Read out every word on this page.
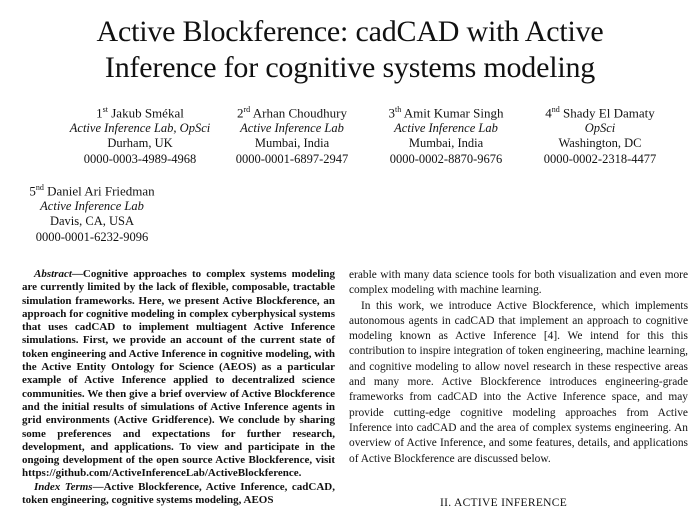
Active Blockference: cadCAD with Active
Inference for cognitive systems modeling
1st Jakub Smékal
Active Inference Lab, OpSci
Durham, UK
0000-0003-4989-4968
2rd Arhan Choudhury
Active Inference Lab
Mumbai, India
0000-0001-6897-2947
3th Amit Kumar Singh
Active Inference Lab
Mumbai, India
0000-0002-8870-9676
4nd Shady El Damaty
OpSci
Washington, DC
0000-0002-2318-4477
5nd Daniel Ari Friedman
Active Inference Lab
Davis, CA, USA
0000-0001-6232-9096

Abstract—Cognitive approaches to complex systems modeling are currently limited by the lack of flexible, composable, tractable simulation frameworks. Here, we present Active Blockference, an approach for cognitive modeling in complex cyberphysical systems that uses cadCAD to implement multiagent Active Inference simulations. First, we provide an account of the current state of token engineering and Active Inference in cognitive modeling, with the Active Entity Ontology for Science (AEOS) as a particular example of Active Inference applied to decentralized science communities. We then give a brief overview of Active Blockference and the initial results of simulations of Active Inference agents in grid environments (Active Gridference). We conclude by sharing some preferences and expectations for further research, development, and applications. To view and participate in the ongoing development of the open source Active Blockference, visit https://github.com/ActiveInferenceLab/ActiveBlockference.

Index Terms—Active Blockference, Active Inference, cadCAD, token engineering, cognitive systems modeling, AEOS

erable with many data science tools for both visualization and even more complex modeling with machine learning.

In this work, we introduce Active Blockference, which implements autonomous agents in cadCAD that implement an approach to cognitive modeling known as Active Inference [4]. We intend for this this contribution to inspire integration of token engineering, machine learning, and cognitive modeling to allow novel research in these respective areas and many more. Active Blockference introduces engineering-grade frameworks from cadCAD into the Active Inference space, and may provide cutting-edge cognitive modeling approaches from Active Inference into cadCAD and the area of complex systems engineering. An overview of Active Inference, and some features, details, and applications of Active Blockference are discussed below.

II. ACTIVE INFERENCE
